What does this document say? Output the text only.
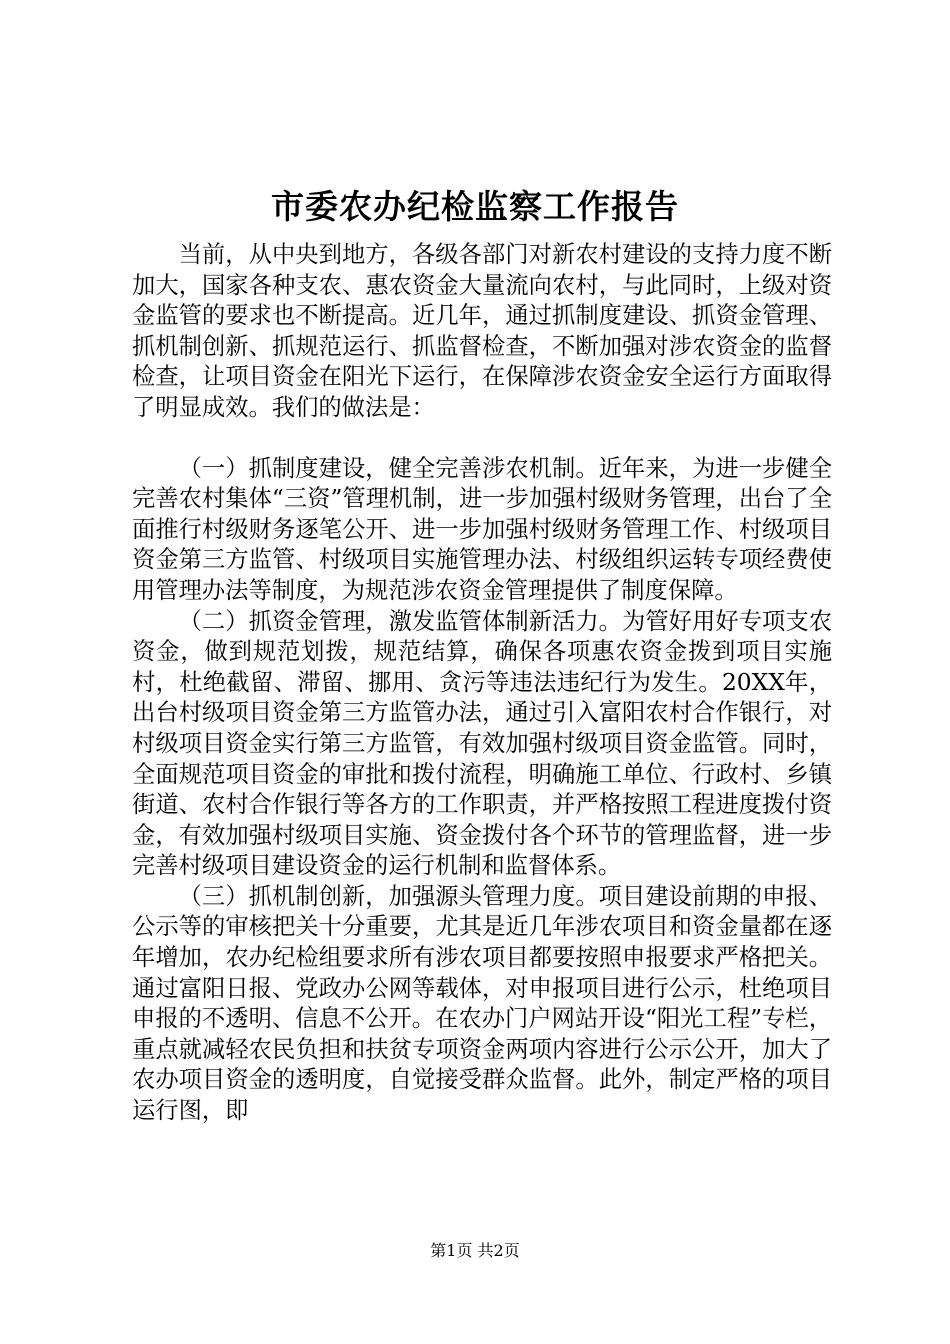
市委农办纪检监察工作报告

当前，从中央到地方，各级各部门对新农村建设的支持力度不断加大，国家各种支农、惠农资金大量流向农村，与此同时，上级对资金监管的要求也不断提高。近几年，通过抓制度建设、抓资金管理、抓机制创新、抓规范运行、抓监督检查，不断加强对涉农资金的监督检查，让项目资金在阳光下运行，在保障涉农资金安全运行方面取得了明显成效。我们的做法是：

（一）抓制度建设，健全完善涉农机制。近年来，为进一步健全完善农村集体“三资”管理机制，进一步加强村级财务管理，出台了全面推行村级财务逐笔公开、进一步加强村级财务管理工作、村级项目资金第三方监管、村级项目实施管理办法、村级组织运转专项经费使用管理办法等制度，为规范涉农资金管理提供了制度保障。

（二）抓资金管理，激发监管体制新活力。为管好用好专项支农资金，做到规范划拨，规范结算，确保各项惠农资金拨到项目实施村，杜绝截留、滞留、挪用、贪污等违法违纪行为发生。20XX年，出台村级项目资金第三方监管办法，通过引入富阳农村合作银行，对村级项目资金实行第三方监管，有效加强村级项目资金监管。同时，全面规范项目资金的审批和拨付流程，明确施工单位、行政村、乡镇街道、农村合作银行等各方的工作职责，并严格按照工程进度拨付资金，有效加强村级项目实施、资金拨付各个环节的管理监督，进一步完善村级项目建设资金的运行机制和监督体系。

（三）抓机制创新，加强源头管理力度。项目建设前期的申报、公示等的审核把关十分重要，尤其是近几年涉农项目和资金量都在逐年增加，农办纪检组要求所有涉农项目都要按照申报要求严格把关。通过富阳日报、党政办公网等载体，对申报项目进行公示，杜绝项目申报的不透明、信息不公开。在农办门户网站开设“阳光工程”专栏，重点就减轻农民负担和扶贫专项资金两项内容进行公示公开，加大了农办项目资金的透明度，自觉接受群众监督。此外，制定严格的项目运行图，即

第1页 共2页
